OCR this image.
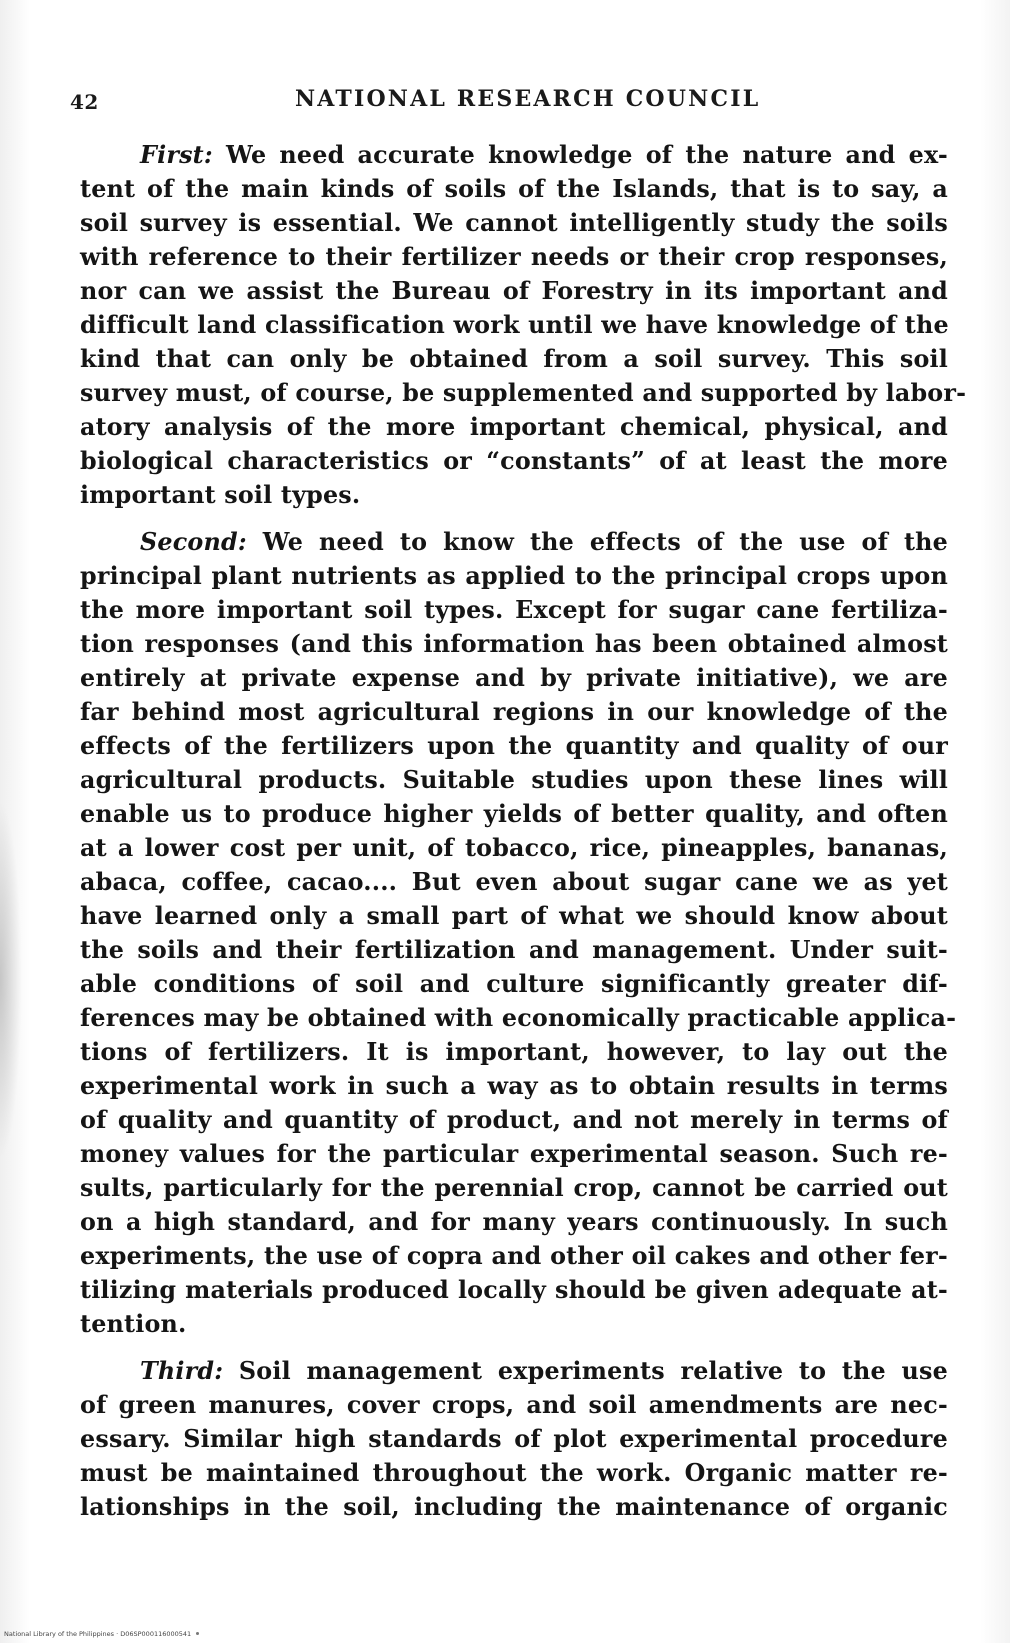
42	NATIONAL RESEARCH COUNCIL
First: We need accurate knowledge of the nature and ex-
tent of the main kinds of soils of the Islands, that is to say, a
soil survey is essential. We cannot intelligently study the soils
with reference to their fertilizer needs or their crop responses,
nor can we assist the Bureau of Forestry in its important and
difficult land classification work until we have knowledge of the
kind that can only be obtained from a soil survey. This soil
survey must, of course, be supplemented and supported by labor-
atory analysis of the more important chemical, physical, and
biological characteristics or “constants” of at least the more
important soil types.
Second: We need to know the effects of the use of the
principal plant nutrients as applied to the principal crops upon
the more important soil types. Except for sugar cane fertiliza-
tion responses (and this information has been obtained almost
entirely at private expense and by private initiative), we are
far behind most agricultural regions in our knowledge of the
effects of the fertilizers upon the quantity and quality of our
agricultural products. Suitable studies upon these lines will
enable us to produce higher yields of better quality, and often
at a lower cost per unit, of tobacco, rice, pineapples, bananas,
abaca, coffee, cacao.... But even about sugar cane we as yet
have learned only a small part of what we should know about
the soils and their fertilization and management. Under suit-
able conditions of soil and culture significantly greater dif-
ferences may be obtained with economically practicable applica-
tions of fertilizers. It is important, however, to lay out the
experimental work in such a way as to obtain results in terms
of quality and quantity of product, and not merely in terms of
money values for the particular experimental season. Such re-
sults, particularly for the perennial crop, cannot be carried out
on a high standard, and for many years continuously. In such
experiments, the use of copra and other oil cakes and other fer-
tilizing materials produced locally should be given adequate at-
tention.
Third: Soil management experiments relative to the use
of green manures, cover crops, and soil amendments are nec-
essary. Similar high standards of plot experimental procedure
must be maintained throughout the work. Organic matter re-
lationships in the soil, including the maintenance of organic
National Library of the Philippines · D06SP000116000541
